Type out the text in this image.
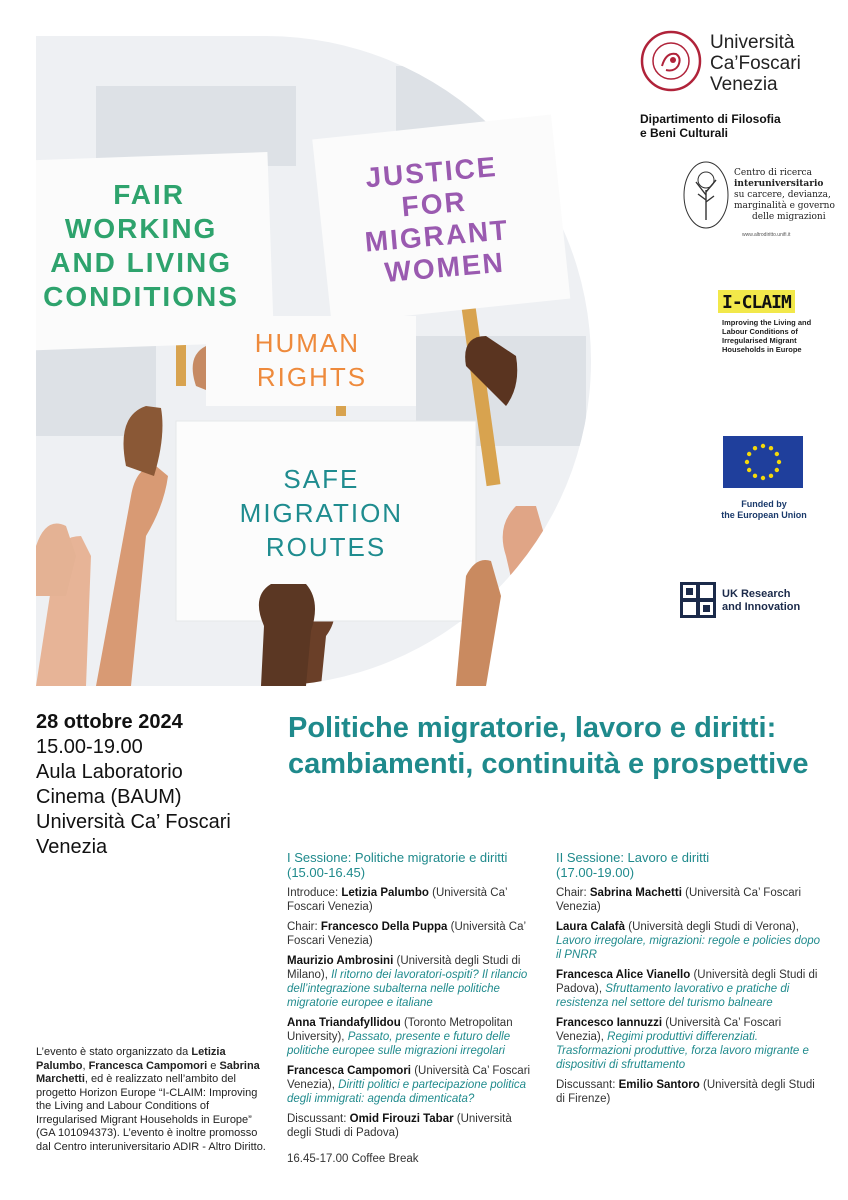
FAIR WORKING AND LIVING CONDITIONS
JUSTICE FOR MIGRANT WOMEN
HUMAN RIGHTS
SAFE MIGRATION ROUTES
Università
Ca’Foscari
Venezia
Dipartimento di Filosofia
e Beni Culturali
Centro di ricerca
interuniversitario
su carcere, devianza,
marginalità e governo
delle migrazioni
www.altrodiritto.unifi.it
I-CLAIM
Improving the Living and Labour Conditions of Irregularised Migrant Households in Europe
Funded by
the European Union
UK Research
and Innovation
28 ottobre 2024
15.00-19.00
Aula Laboratorio
Cinema (BAUM)
Università Ca’ Foscari
Venezia
Politiche migratorie, lavoro e diritti: cambiamenti, continuità e prospettive
I Sessione: Politiche migratorie e diritti
(15.00-16.45)
Introduce: Letizia Palumbo (Università Ca’ Foscari Venezia)
Chair: Francesco Della Puppa (Università Ca’ Foscari Venezia)
Maurizio Ambrosini (Università degli Studi di Milano), Il ritorno dei lavoratori-ospiti? Il rilancio dell’integrazione subalterna nelle politiche migratorie europee e italiane
Anna Triandafyllidou (Toronto Metropolitan University), Passato, presente e futuro delle politiche europee sulle migrazioni irregolari
Francesca Campomori (Università Ca’ Foscari Venezia), Diritti politici e partecipazione politica degli immigrati: agenda dimenticata?
Discussant: Omid Firouzi Tabar (Università degli Studi di Padova)
16.45-17.00 Coffee Break
II Sessione: Lavoro e diritti
(17.00-19.00)
Chair: Sabrina Machetti (Università Ca’ Foscari Venezia)
Laura Calafà (Università degli Studi di Verona), Lavoro irregolare, migrazioni: regole e policies dopo il PNRR
Francesca Alice Vianello (Università degli Studi di Padova), Sfruttamento lavorativo e pratiche di resistenza nel settore del turismo balneare
Francesco Iannuzzi (Università Ca’ Foscari Venezia), Regimi produttivi differenziati. Trasformazioni produttive, forza lavoro migrante e dispositivi di sfruttamento
Discussant: Emilio Santoro (Università degli Studi di Firenze)
L’evento è stato organizzato da Letizia Palumbo, Francesca Campomori e Sabrina Marchetti, ed è realizzato nell’ambito del progetto Horizon Europe “I-CLAIM: Improving the Living and Labour Conditions of Irregularised Migrant Households in Europe” (GA 101094373). L’evento è inoltre promosso dal Centro interuniversitario ADIR - Altro Diritto.
